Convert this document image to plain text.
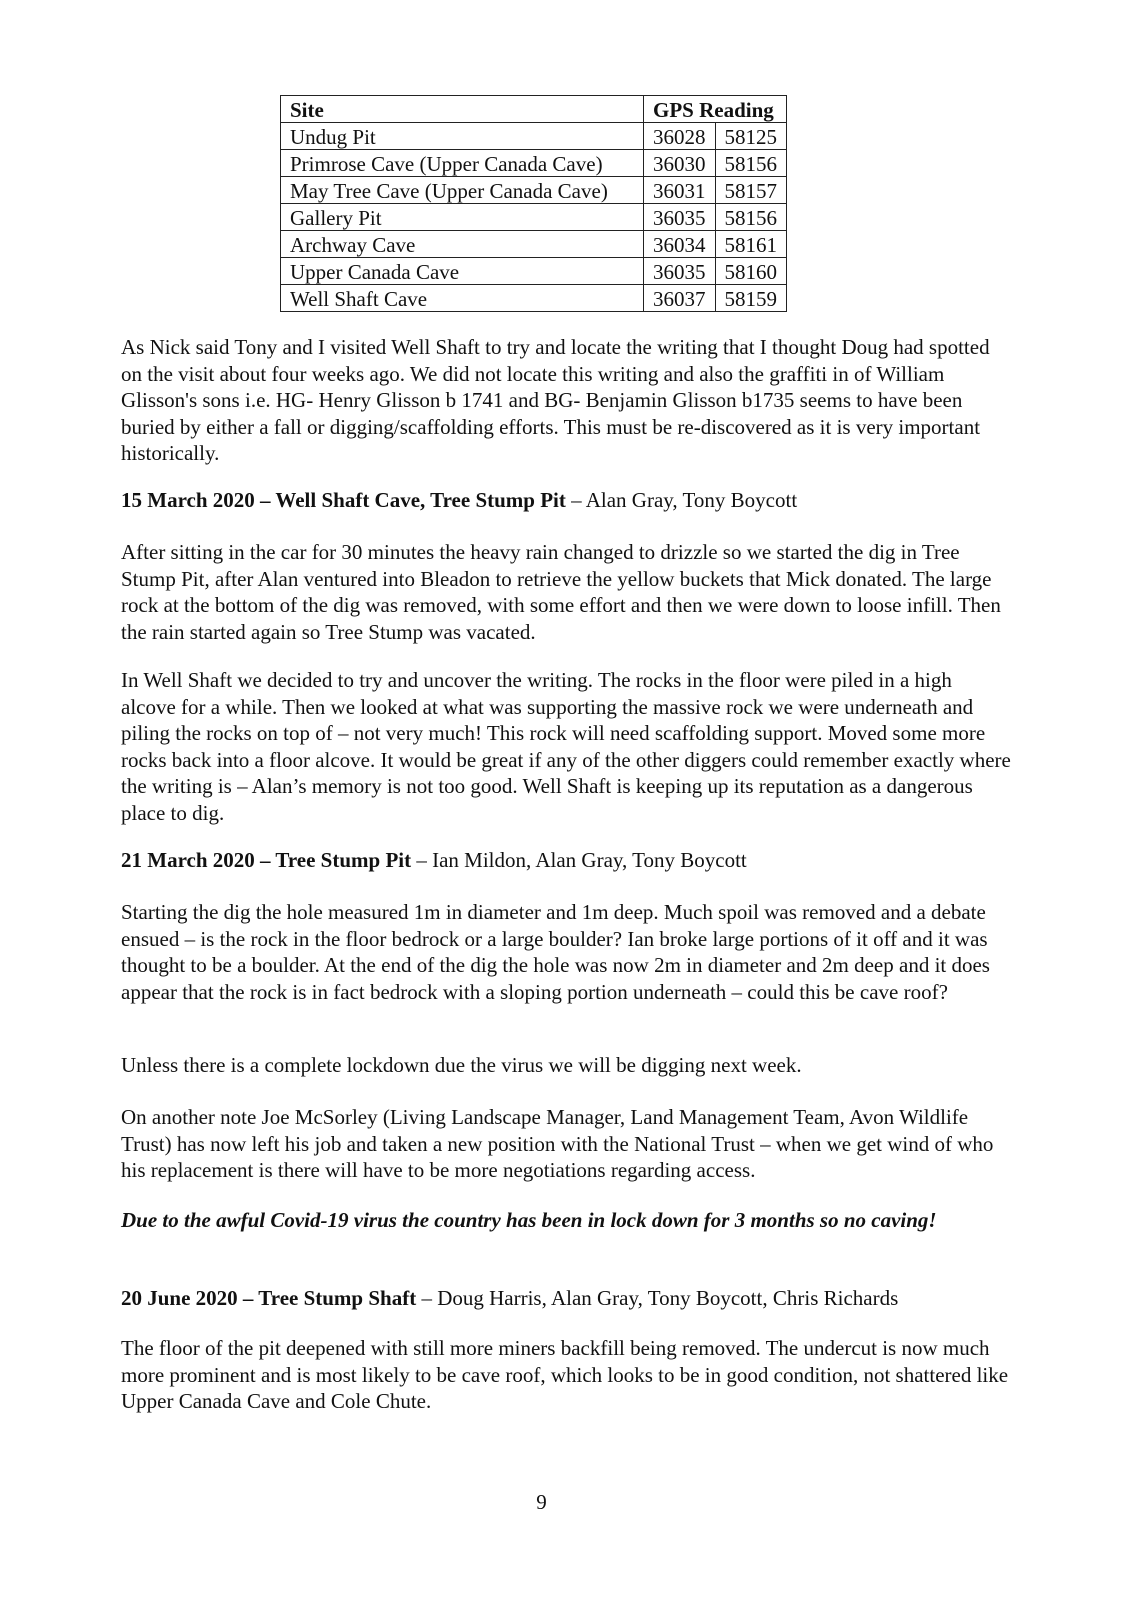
Site	GPS Reading	
Undug Pit	36028	58125
Primrose Cave (Upper Canada Cave)	36030	58156
May Tree Cave (Upper Canada Cave)	36031	58157
Gallery Pit	36035	58156
Archway Cave	36034	58161
Upper Canada Cave	36035	58160
Well Shaft Cave	36037	58159

As Nick said Tony and I visited Well Shaft to try and locate the writing that I thought Doug had spotted on the visit about four weeks ago. We did not locate this writing and also the graffiti in of William Glisson's sons i.e. HG- Henry Glisson b 1741 and BG- Benjamin Glisson b1735 seems to have been buried by either a fall or digging/scaffolding efforts. This must be re-discovered as it is very important historically.

15 March 2020 – Well Shaft Cave, Tree Stump Pit – Alan Gray, Tony Boycott

After sitting in the car for 30 minutes the heavy rain changed to drizzle so we started the dig in Tree Stump Pit, after Alan ventured into Bleadon to retrieve the yellow buckets that Mick donated. The large rock at the bottom of the dig was removed, with some effort and then we were down to loose infill. Then the rain started again so Tree Stump was vacated.

In Well Shaft we decided to try and uncover the writing. The rocks in the floor were piled in a high alcove for a while. Then we looked at what was supporting the massive rock we were underneath and piling the rocks on top of – not very much! This rock will need scaffolding support. Moved some more rocks back into a floor alcove. It would be great if any of the other diggers could remember exactly where the writing is – Alan’s memory is not too good. Well Shaft is keeping up its reputation as a dangerous place to dig.

21 March 2020 – Tree Stump Pit – Ian Mildon, Alan Gray, Tony Boycott

Starting the dig the hole measured 1m in diameter and 1m deep. Much spoil was removed and a debate ensued – is the rock in the floor bedrock or a large boulder? Ian broke large portions of it off and it was thought to be a boulder. At the end of the dig the hole was now 2m in diameter and 2m deep and it does appear that the rock is in fact bedrock with a sloping portion underneath – could this be cave roof?

Unless there is a complete lockdown due the virus we will be digging next week.

On another note Joe McSorley (Living Landscape Manager, Land Management Team, Avon Wildlife Trust) has now left his job and taken a new position with the National Trust – when we get wind of who his replacement is there will have to be more negotiations regarding access.

Due to the awful Covid-19 virus the country has been in lock down for 3 months so no caving!

20 June 2020 – Tree Stump Shaft – Doug Harris, Alan Gray, Tony Boycott, Chris Richards

The floor of the pit deepened with still more miners backfill being removed. The undercut is now much more prominent and is most likely to be cave roof, which looks to be in good condition, not shattered like Upper Canada Cave and Cole Chute.

9
